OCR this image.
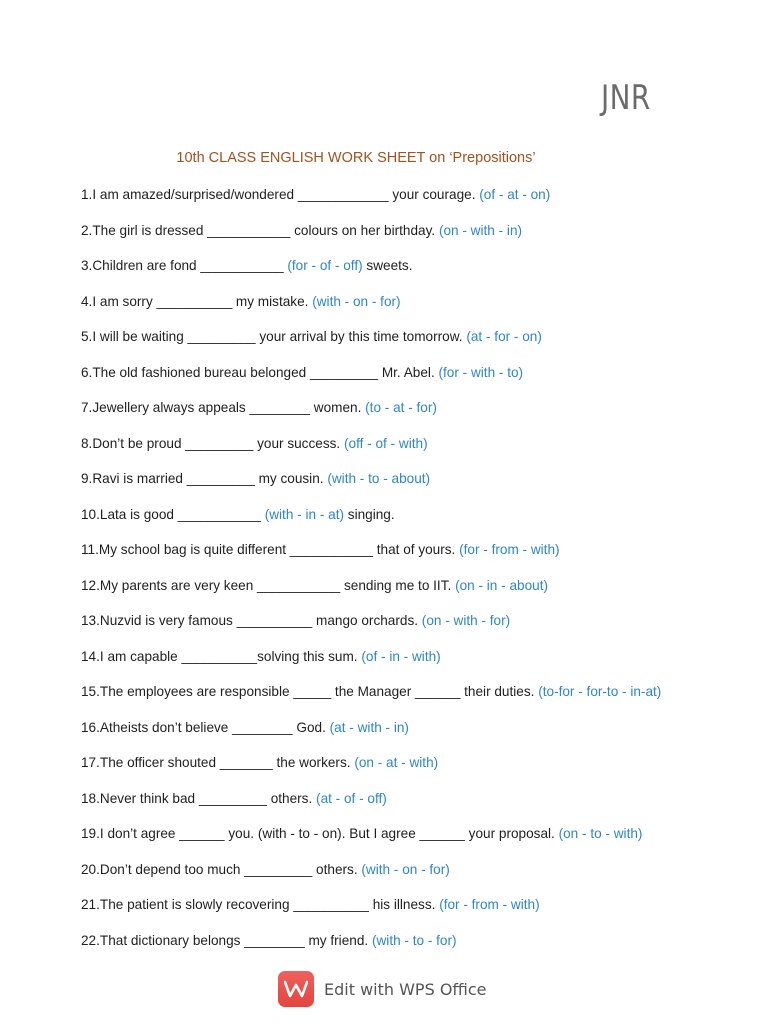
JNR
10th CLASS ENGLISH WORK SHEET on ‘Prepositions’
1.I am amazed/surprised/wondered ____________ your courage. (of - at - on)
2.The girl is dressed ___________ colours on her birthday. (on - with - in)
3.Children are fond ___________ (for - of - off) sweets.
4.I am sorry __________ my mistake. (with - on - for)
5.I will be waiting _________ your arrival by this time tomorrow. (at - for - on)
6.The old fashioned bureau belonged _________ Mr. Abel. (for - with - to)
7.Jewellery always appeals ________ women. (to - at - for)
8.Don’t be proud _________ your success. (off - of - with)
9.Ravi is married _________ my cousin. (with - to - about)
10.Lata is good ___________ (with - in - at) singing.
11.My school bag is quite different ___________ that of yours. (for - from - with)
12.My parents are very keen ___________ sending me to IIT. (on - in - about)
13.Nuzvid is very famous __________ mango orchards. (on - with - for)
14.I am capable __________solving this sum. (of - in - with)
15.The employees are responsible _____ the Manager ______ their duties. (to-for - for-to - in-at)
16.Atheists don’t believe ________ God. (at - with - in)
17.The officer shouted _______ the workers. (on - at - with)
18.Never think bad _________ others. (at - of - off)
19.I don’t agree ______ you. (with - to - on). But I agree ______ your proposal. (on - to - with)
20.Don’t depend too much _________ others. (with - on - for)
21.The patient is slowly recovering __________ his illness. (for - from - with)
22.That dictionary belongs ________ my friend. (with - to - for)
Edit with WPS Office
